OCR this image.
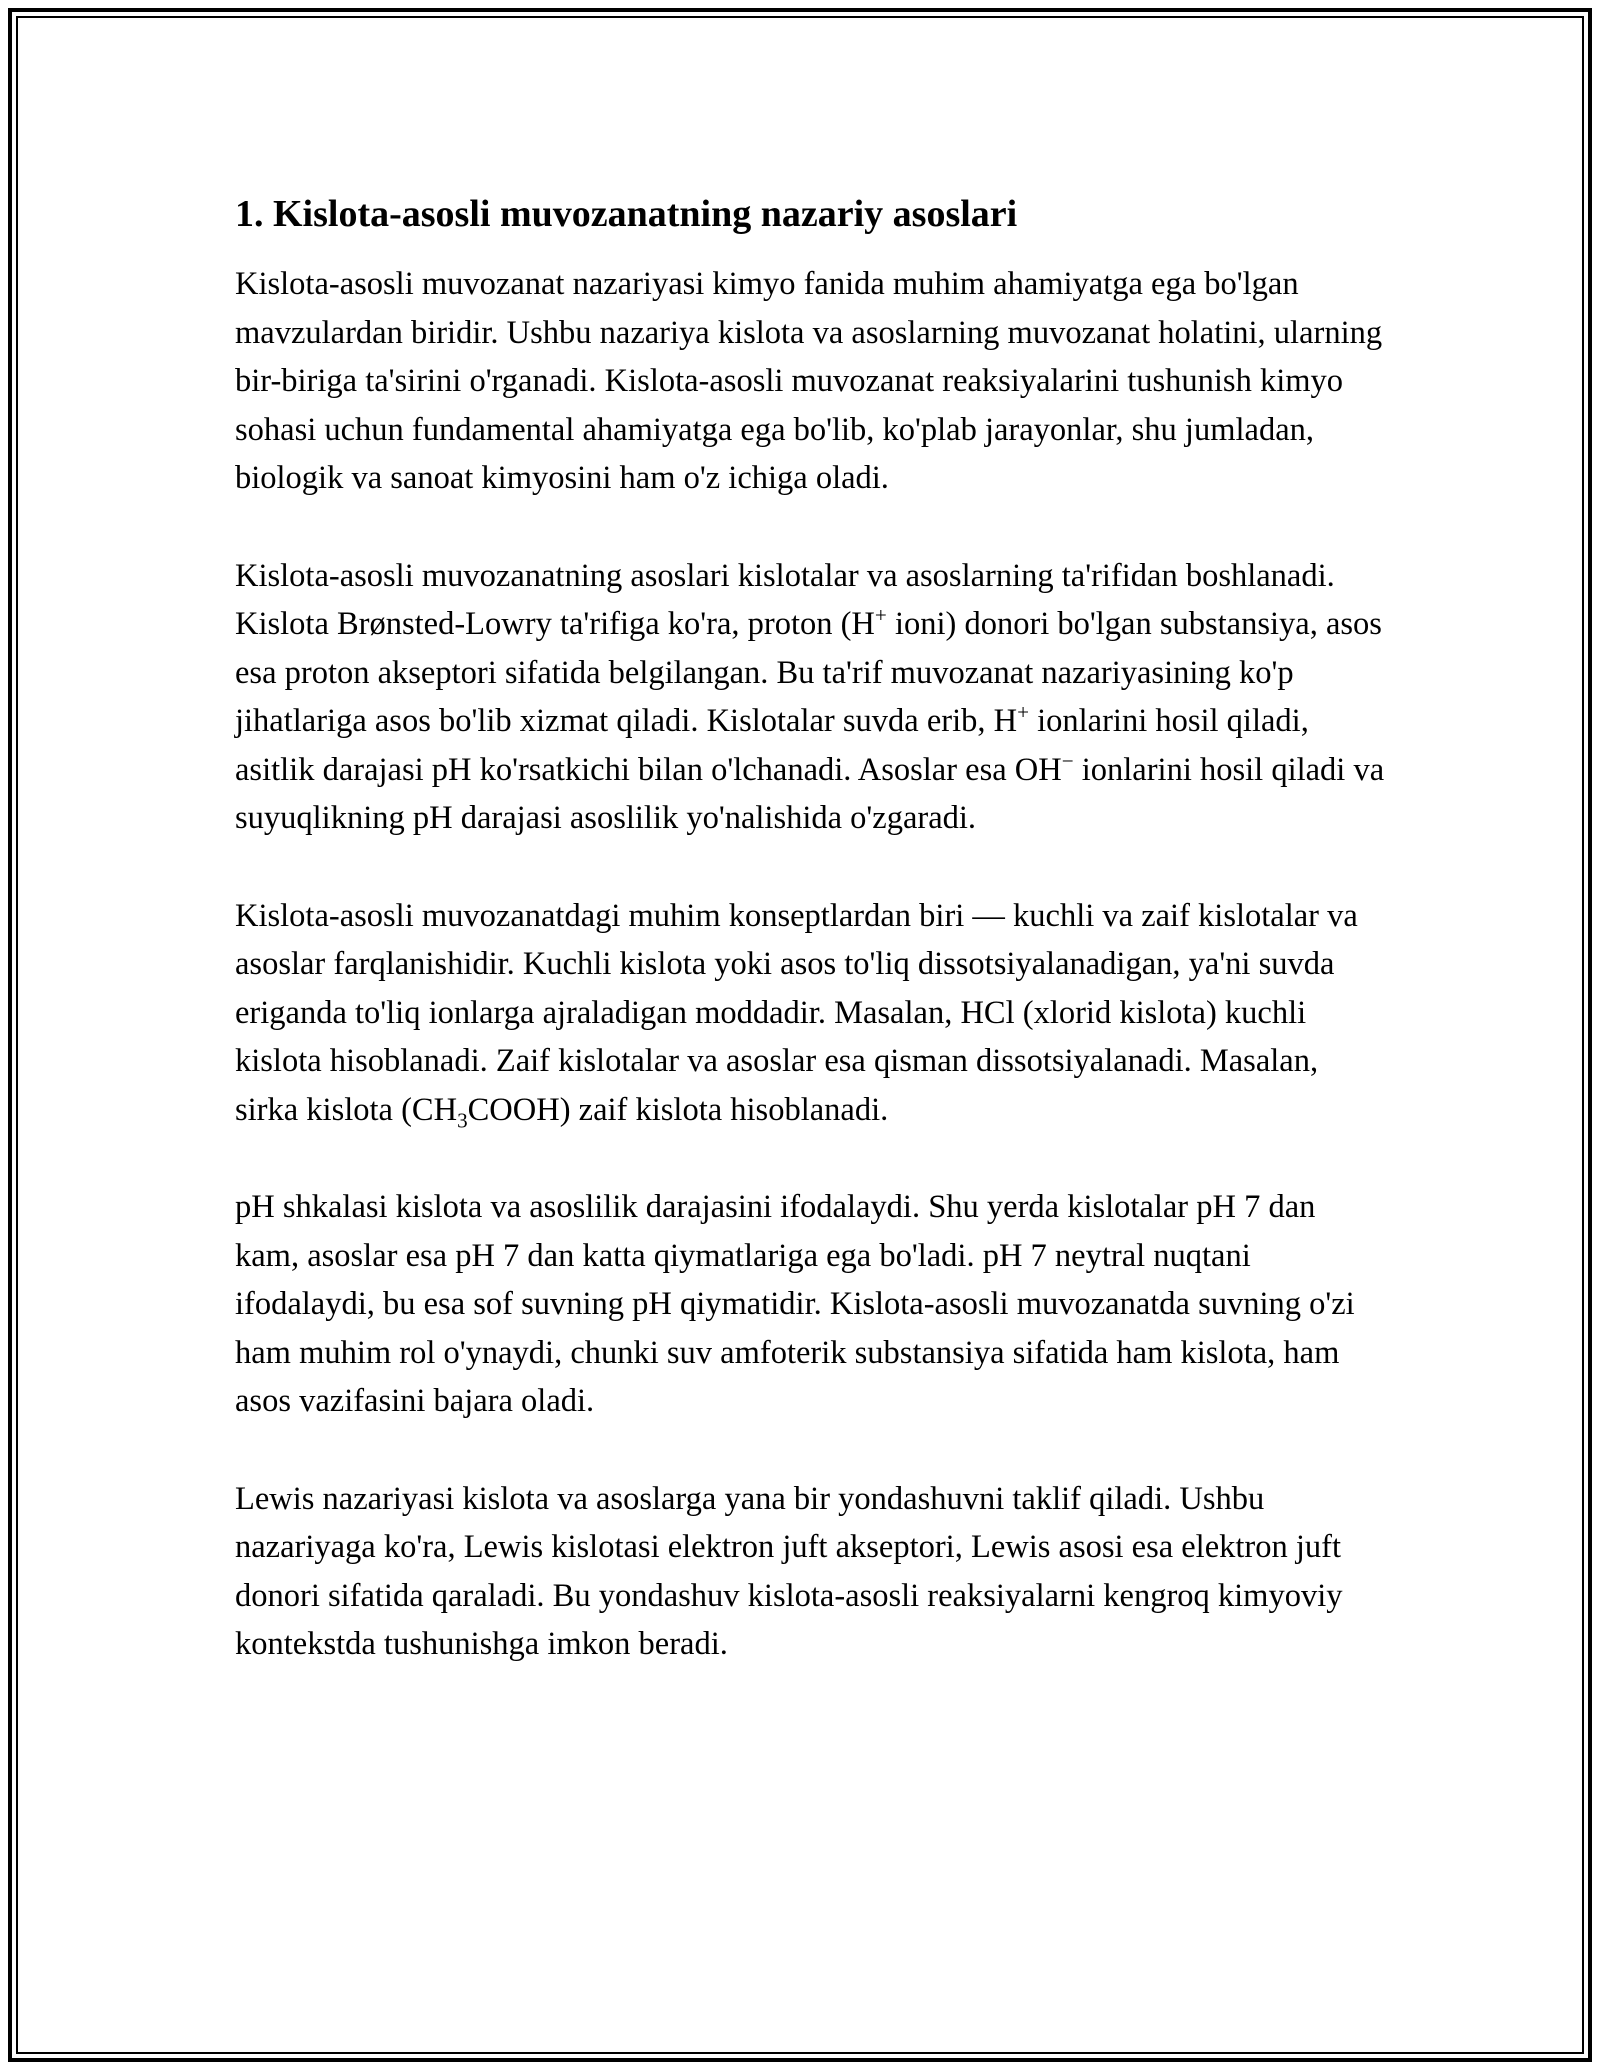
1. Kislota-asosli muvozanatning nazariy asoslari

Kislota-asosli muvozanat nazariyasi kimyo fanida muhim ahamiyatga ega bo'lgan mavzulardan biridir. Ushbu nazariya kislota va asoslarning muvozanat holatini, ularning bir-biriga ta'sirini o'rganadi. Kislota-asosli muvozanat reaksiyalarini tushunish kimyo sohasi uchun fundamental ahamiyatga ega bo'lib, ko'plab jarayonlar, shu jumladan, biologik va sanoat kimyosini ham o'z ichiga oladi.

Kislota-asosli muvozanatning asoslari kislotalar va asoslarning ta'rifidan boshlanadi. Kislota Brønsted-Lowry ta'rifiga ko'ra, proton (H+ ioni) donori bo'lgan substansiya, asos esa proton akseptori sifatida belgilangan. Bu ta'rif muvozanat nazariyasining ko'p jihatlariga asos bo'lib xizmat qiladi. Kislotalar suvda erib, H+ ionlarini hosil qiladi, asitlik darajasi pH ko'rsatkichi bilan o'lchanadi. Asoslar esa OH− ionlarini hosil qiladi va suyuqlikning pH darajasi asoslilik yo'nalishida o'zgaradi.

Kislota-asosli muvozanatdagi muhim konseptlardan biri — kuchli va zaif kislotalar va asoslar farqlanishidir. Kuchli kislota yoki asos to'liq dissotsiyalanadigan, ya'ni suvda eriganda to'liq ionlarga ajraladigan moddadir. Masalan, HCl (xlorid kislota) kuchli kislota hisoblanadi. Zaif kislotalar va asoslar esa qisman dissotsiyalanadi. Masalan, sirka kislota $(CH_3COOH)$ zaif kislota hisoblanadi.

pH shkalasi kislota va asoslilik darajasini ifodalaydi. Shu yerda kislotalar pH 7 dan kam, asoslar esa pH 7 dan katta qiymatlariga ega bo'ladi. pH 7 neytral nuqtani ifodalaydi, bu esa sof suvning pH qiymatidir. Kislota-asosli muvozanatda suvning o'zi ham muhim rol o'ynaydi, chunki suv amfoterik substansiya sifatida ham kislota, ham asos vazifasini bajara oladi.

Lewis nazariyasi kislota va asoslarga yana bir yondashuvni taklif qiladi. Ushbu nazariyaga ko'ra, Lewis kislotasi elektron juft akseptori, Lewis asosi esa elektron juft donori sifatida qaraladi. Bu yondashuv kislota-asosli reaksiyalarni kengroq kimyoviy kontekstda tushunishga imkon beradi.
